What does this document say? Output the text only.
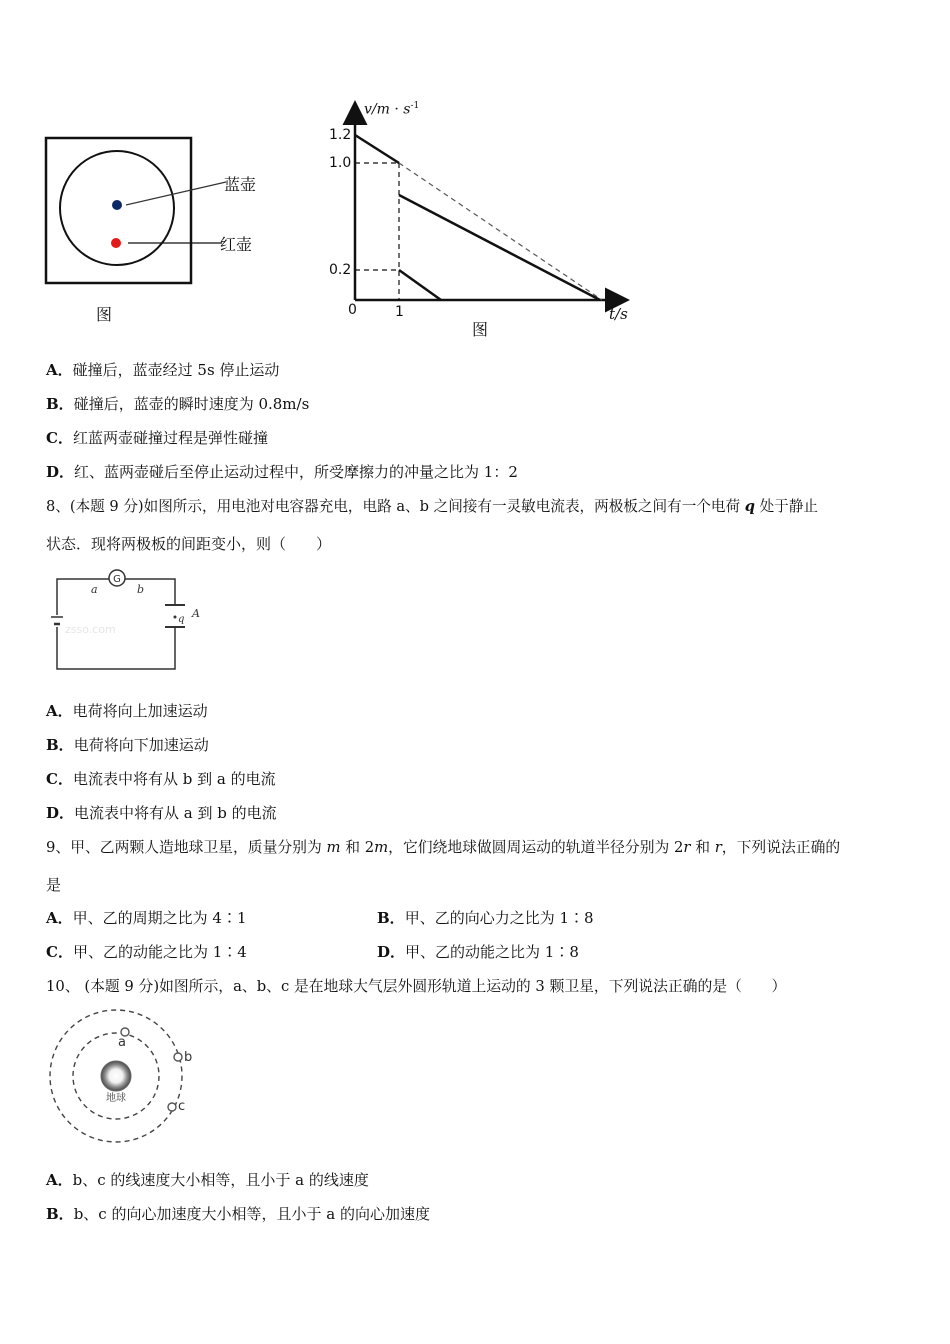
蓝壶
红壶
图
$v/m \cdot s^{-1}$
1.2
1.0
0.2
0	1	t/s
图
A．碰撞后，蓝壶经过 5s 停止运动
B．碰撞后，蓝壶的瞬时速度为 0.8m/s
C．红蓝两壶碰撞过程是弹性碰撞
D．红、蓝两壶碰后至停止运动过程中，所受摩擦力的冲量之比为 1：2
8、(本题 9 分)如图所示，用电池对电容器充电，电路 a、b 之间接有一灵敏电流表，两极板之间有一个电荷 q 处于静止
状态．现将两极板的间距变小，则（　　）
G
a	b
A
q
zsso.com
A．电荷将向上加速运动
B．电荷将向下加速运动
C．电流表中将有从 b 到 a 的电流
D．电流表中将有从 a 到 b 的电流
9、甲、乙两颗人造地球卫星，质量分别为 m 和 2m，它们绕地球做圆周运动的轨道半径分别为 2r 和 r，下列说法正确的
是
A．甲、乙的周期之比为 4∶1	B．甲、乙的向心力之比为 1∶8
C．甲、乙的动能之比为 1∶4	D．甲、乙的动能之比为 1∶8
10、 (本题 9 分)如图所示，a、b、c 是在地球大气层外圆形轨道上运动的 3 颗卫星，下列说法正确的是（　　）
a
b
c
地球
A．b、c 的线速度大小相等，且小于 a 的线速度
B．b、c 的向心加速度大小相等，且小于 a 的向心加速度
